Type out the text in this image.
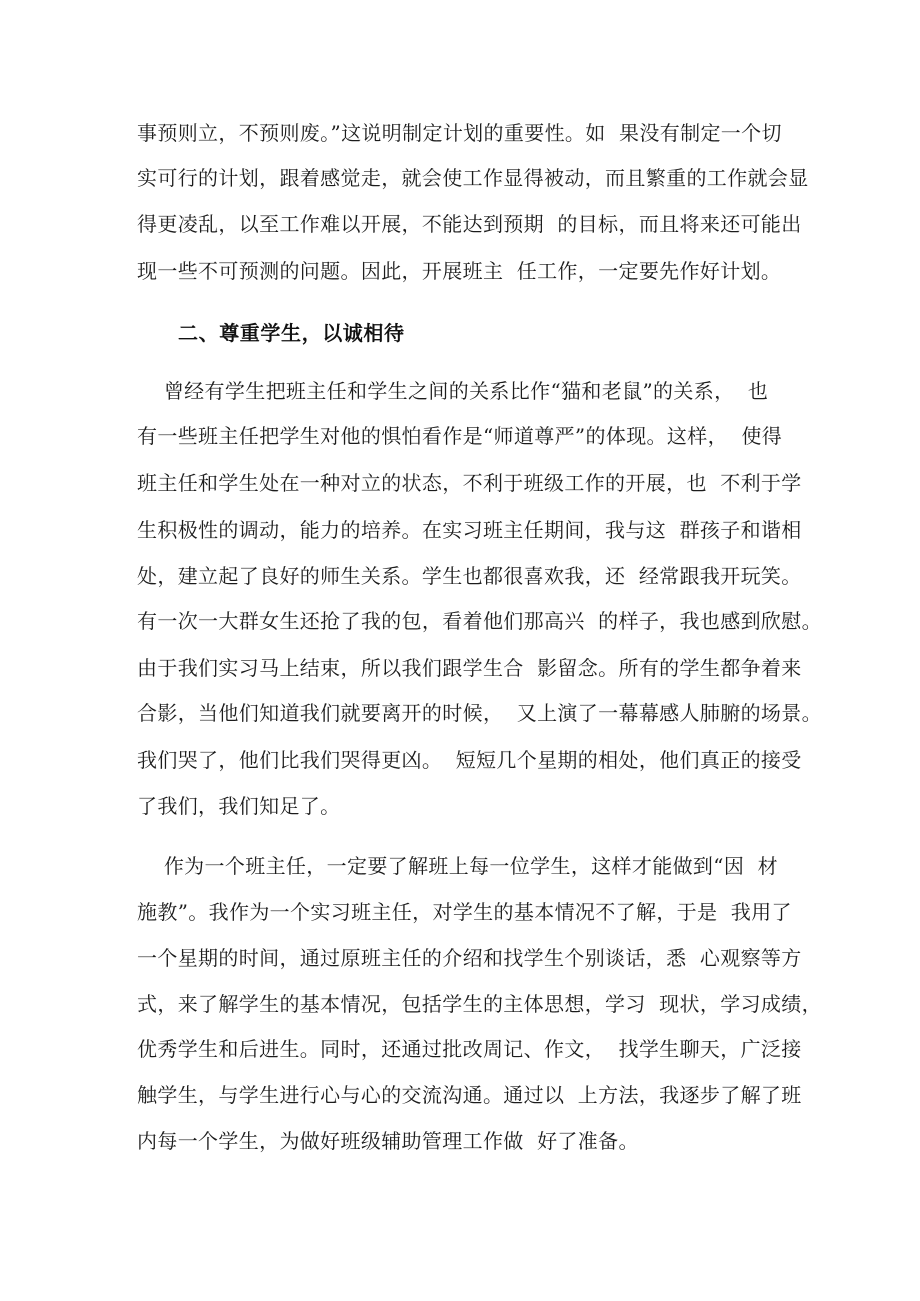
事预则立，不预则废。”这说明制定计划的重要性。如  果没有制定一个切
实可行的计划，跟着感觉走，就会使工作显得被动，而且繁重的工作就会显
得更凌乱，以至工作难以开展，不能达到预期  的目标，而且将来还可能出
现一些不可预测的问题。因此，开展班主  任工作，一定要先作好计划。
二、尊重学生，以诚相待
曾经有学生把班主任和学生之间的关系比作“猫和老鼠”的关系，  也
有一些班主任把学生对他的惧怕看作是“师道尊严”的体现。这样，  使得
班主任和学生处在一种对立的状态，不利于班级工作的开展，也  不利于学
生积极性的调动，能力的培养。在实习班主任期间，我与这  群孩子和谐相
处，建立起了良好的师生关系。学生也都很喜欢我，还  经常跟我开玩笑。
有一次一大群女生还抢了我的包，看着他们那高兴  的样子，我也感到欣慰。
由于我们实习马上结束，所以我们跟学生合  影留念。所有的学生都争着来
合影，当他们知道我们就要离开的时候，  又上演了一幕幕感人肺腑的场景。
我们哭了，他们比我们哭得更凶。  短短几个星期的相处，他们真正的接受
了我们，我们知足了。
作为一个班主任，一定要了解班上每一位学生，这样才能做到“因  材
施教”。我作为一个实习班主任，对学生的基本情况不了解，于是  我用了
一个星期的时间，通过原班主任的介绍和找学生个别谈话，悉  心观察等方
式，来了解学生的基本情况，包括学生的主体思想，学习  现状，学习成绩，
优秀学生和后进生。同时，还通过批改周记、作文，  找学生聊天，广泛接
触学生，与学生进行心与心的交流沟通。通过以  上方法，我逐步了解了班
内每一个学生，为做好班级辅助管理工作做  好了准备。
